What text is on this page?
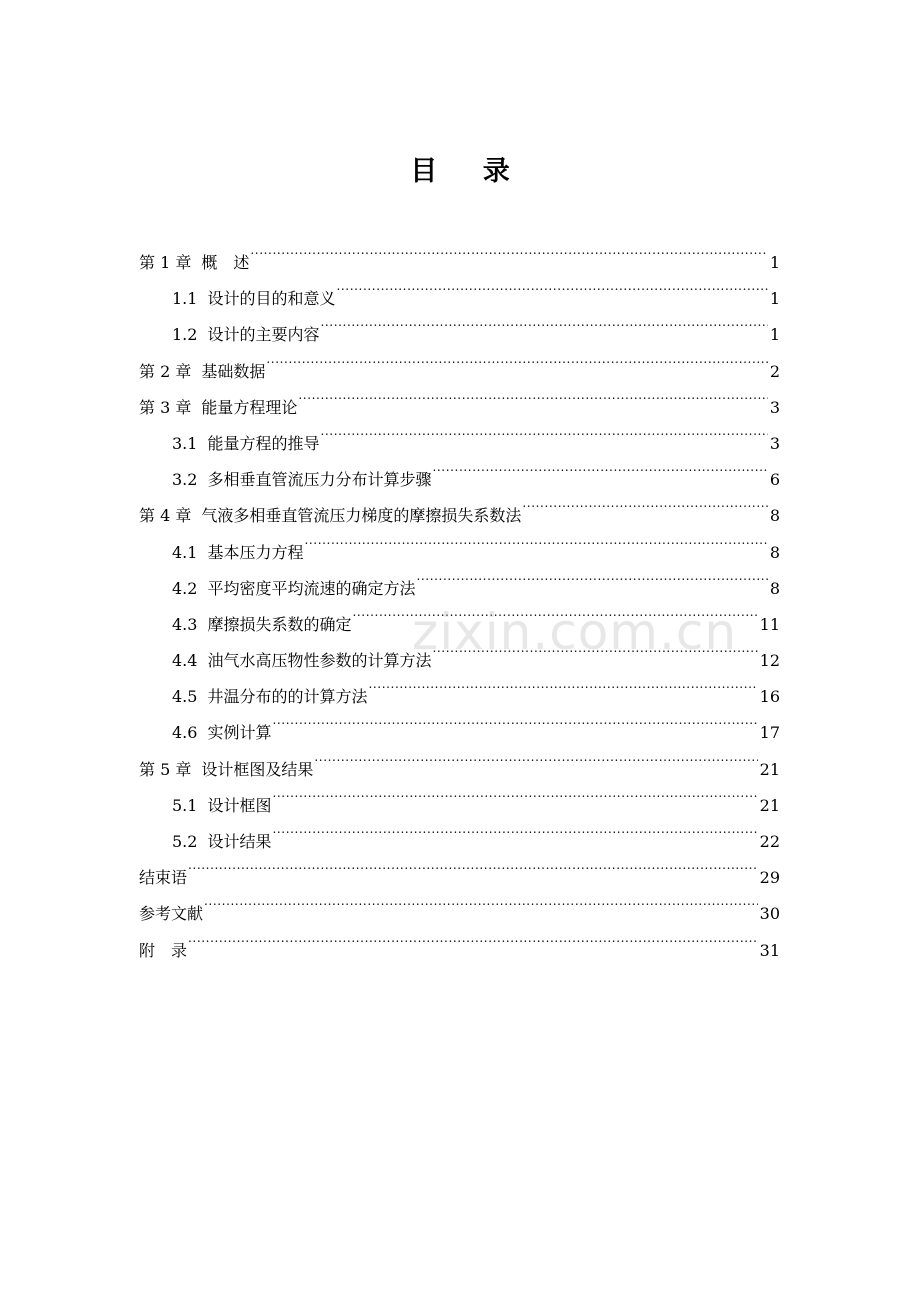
目 录
第 1 章 概　述 .....	1
1.1 设计的目的和意义 .....	1
1.2 设计的主要内容 .....	1
第 2 章 基础数据 .....	2
第 3 章 能量方程理论 .....	3
3.1 能量方程的推导 .....	3
3.2 多相垂直管流压力分布计算步骤 .....	6
第 4 章 气液多相垂直管流压力梯度的摩擦损失系数法 .....	8
4.1 基本压力方程 .....	8
4.2 平均密度平均流速的确定方法 .....	8
4.3 摩擦损失系数的确定 .....	11
4.4 油气水高压物性参数的计算方法 .....	12
4.5 井温分布的的计算方法 .....	16
4.6 实例计算 .....	17
第 5 章 设计框图及结果 .....	21
5.1 设计框图 .....	21
5.2 设计结果 .....	22
结束语 .....	29
参考文献 .....	30
附　录 .....	31
zixin.com.cn
